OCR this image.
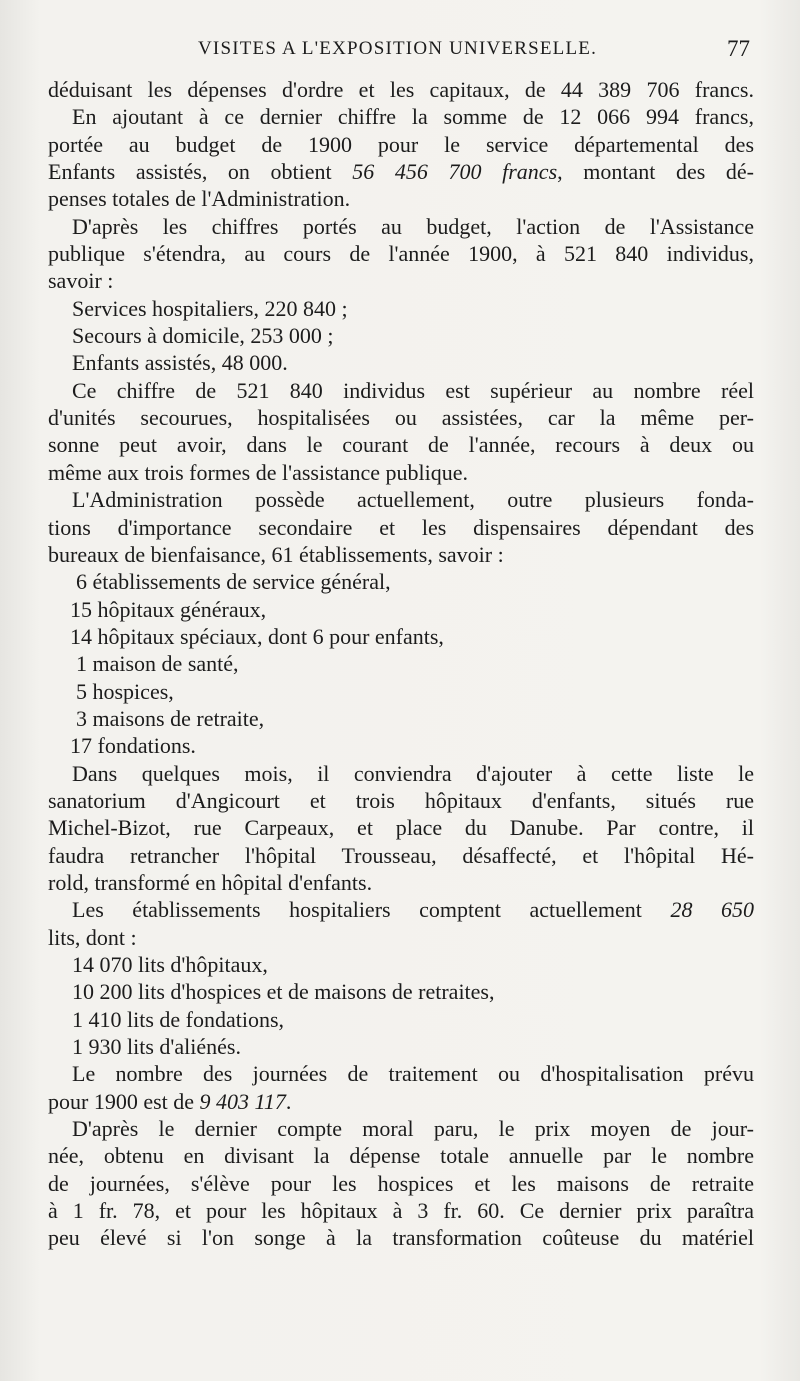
VISITES A L'EXPOSITION UNIVERSELLE.	77

déduisant les dépenses d'ordre et les capitaux, de 44 389 706 francs.

En ajoutant à ce dernier chiffre la somme de 12 066 994 francs,

portée au budget de 1900 pour le service départemental des

Enfants assistés, on obtient 56 456 700 francs, montant des dé-

penses totales de l'Administration.

D'après les chiffres portés au budget, l'action de l'Assistance

publique s'étendra, au cours de l'année 1900, à 521 840 individus,

savoir :

Services hospitaliers, 220 840 ;

Secours à domicile, 253 000 ;

Enfants assistés, 48 000.

Ce chiffre de 521 840 individus est supérieur au nombre réel

d'unités secourues, hospitalisées ou assistées, car la même per-

sonne peut avoir, dans le courant de l'année, recours à deux ou

même aux trois formes de l'assistance publique.

L'Administration possède actuellement, outre plusieurs fonda-

tions d'importance secondaire et les dispensaires dépendant des

bureaux de bienfaisance, 61 établissements, savoir :

6 établissements de service général,

15 hôpitaux généraux,

14 hôpitaux spéciaux, dont 6 pour enfants,

1 maison de santé,

5 hospices,

3 maisons de retraite,

17 fondations.

Dans quelques mois, il conviendra d'ajouter à cette liste le

sanatorium d'Angicourt et trois hôpitaux d'enfants, situés rue

Michel-Bizot, rue Carpeaux, et place du Danube. Par contre, il

faudra retrancher l'hôpital Trousseau, désaffecté, et l'hôpital Hé-

rold, transformé en hôpital d'enfants.

Les établissements hospitaliers comptent actuellement 28 650

lits, dont :

14 070 lits d'hôpitaux,

10 200 lits d'hospices et de maisons de retraites,

1 410 lits de fondations,

1 930 lits d'aliénés.

Le nombre des journées de traitement ou d'hospitalisation prévu

pour 1900 est de 9 403 117.

D'après le dernier compte moral paru, le prix moyen de jour-

née, obtenu en divisant la dépense totale annuelle par le nombre

de journées, s'élève pour les hospices et les maisons de retraite

à 1 fr. 78, et pour les hôpitaux à 3 fr. 60. Ce dernier prix paraîtra

peu élevé si l'on songe à la transformation coûteuse du matériel
